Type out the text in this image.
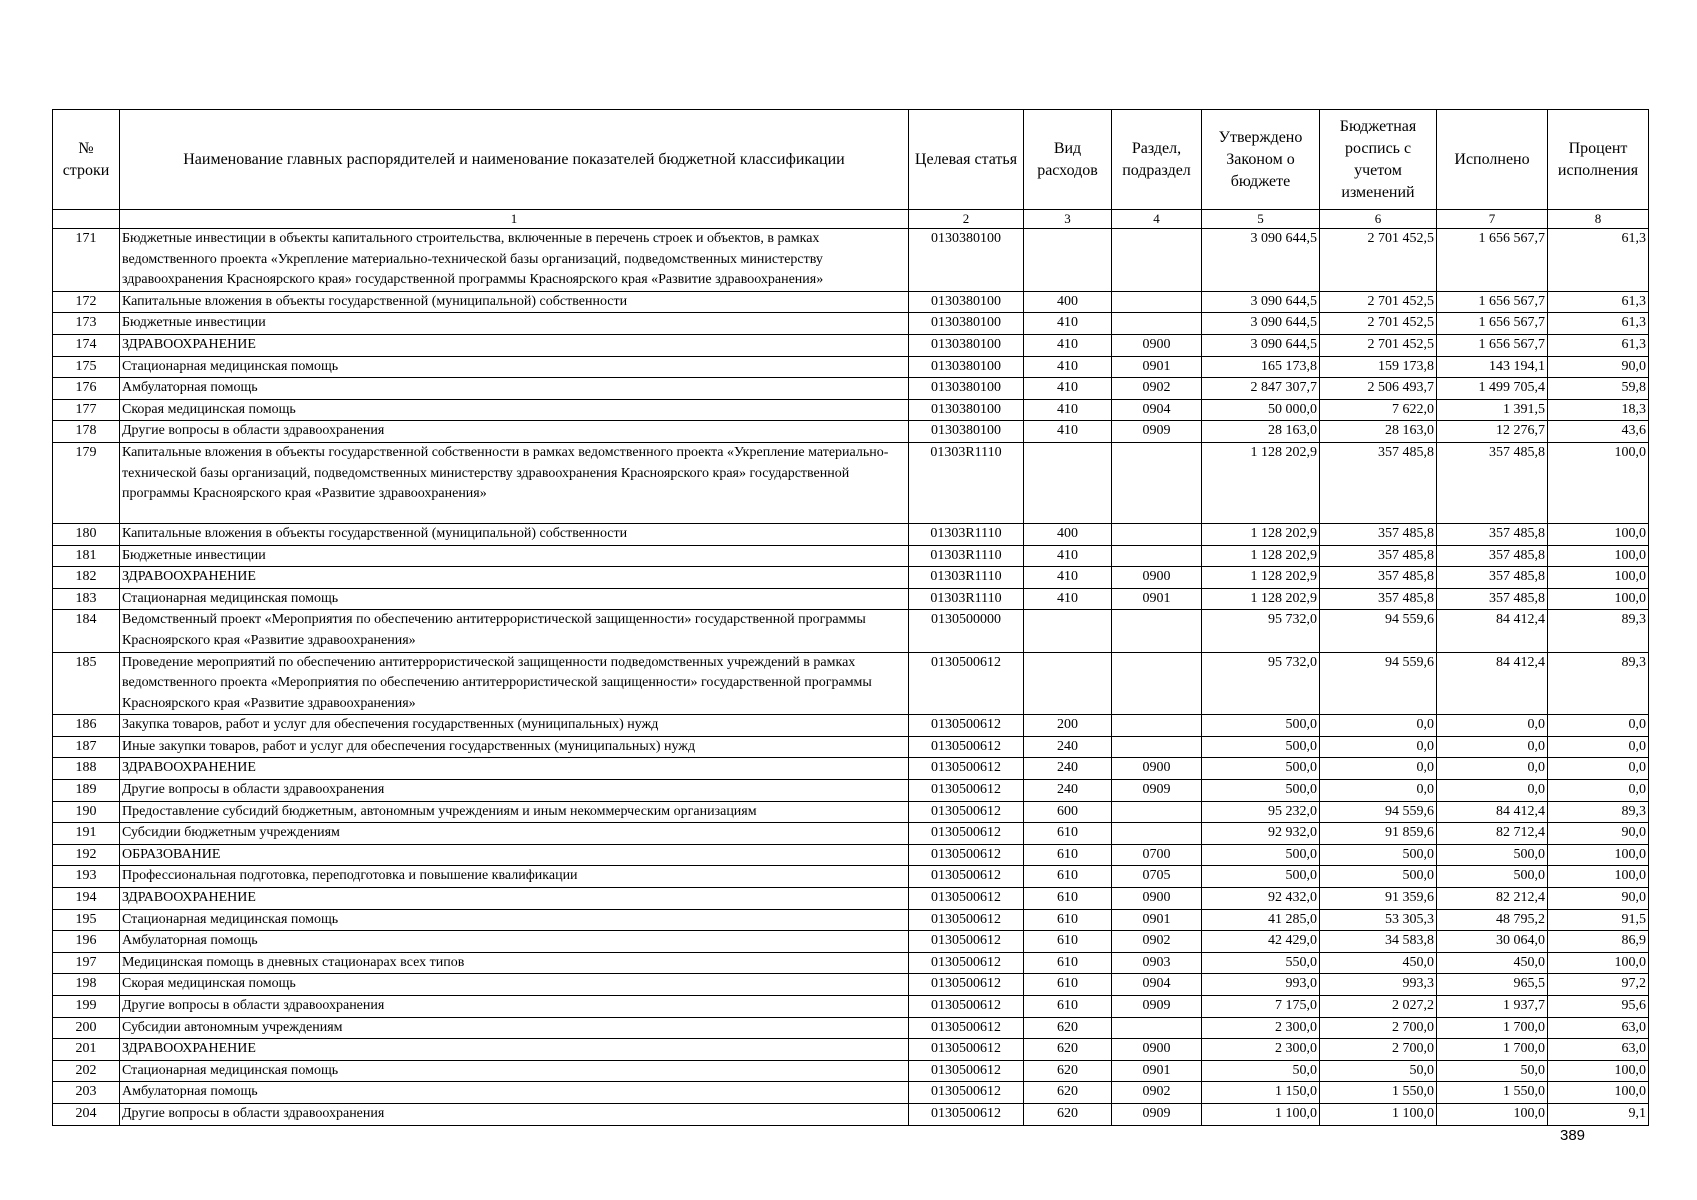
№ строки	Наименование главных распорядителей и наименование показателей бюджетной классификации	Целевая статья	Вид расходов	Раздел, подраздел	Утверждено Законом о бюджете	Бюджетная роспись с учетом изменений	Исполнено	Процент исполнения
	1	2	3	4	5	6	7	8
171	Бюджетные инвестиции в объекты капитального строительства, включенные в перечень строек и объектов, в рамках ведомственного проекта «Укрепление материально-технической базы организаций, подведомственных министерству здравоохранения Красноярского края» государственной программы Красноярского края «Развитие здравоохранения»	0130380100			3 090 644,5	2 701 452,5	1 656 567,7	61,3
172	Капитальные вложения в объекты государственной (муниципальной) собственности	0130380100	400		3 090 644,5	2 701 452,5	1 656 567,7	61,3
173	Бюджетные инвестиции	0130380100	410		3 090 644,5	2 701 452,5	1 656 567,7	61,3
174	ЗДРАВООХРАНЕНИЕ	0130380100	410	0900	3 090 644,5	2 701 452,5	1 656 567,7	61,3
175	Стационарная медицинская помощь	0130380100	410	0901	165 173,8	159 173,8	143 194,1	90,0
176	Амбулаторная помощь	0130380100	410	0902	2 847 307,7	2 506 493,7	1 499 705,4	59,8
177	Скорая медицинская помощь	0130380100	410	0904	50 000,0	7 622,0	1 391,5	18,3
178	Другие вопросы в области здравоохранения	0130380100	410	0909	28 163,0	28 163,0	12 276,7	43,6
179	Капитальные вложения в объекты государственной собственности в рамках ведомственного проекта «Укрепление материально-технической базы организаций, подведомственных министерству здравоохранения Красноярского края» государственной программы Красноярского края «Развитие здравоохранения»	01303R1110			1 128 202,9	357 485,8	357 485,8	100,0
180	Капитальные вложения в объекты государственной (муниципальной) собственности	01303R1110	400		1 128 202,9	357 485,8	357 485,8	100,0
181	Бюджетные инвестиции	01303R1110	410		1 128 202,9	357 485,8	357 485,8	100,0
182	ЗДРАВООХРАНЕНИЕ	01303R1110	410	0900	1 128 202,9	357 485,8	357 485,8	100,0
183	Стационарная медицинская помощь	01303R1110	410	0901	1 128 202,9	357 485,8	357 485,8	100,0
184	Ведомственный проект «Мероприятия по обеспечению антитеррористической защищенности» государственной программы Красноярского края «Развитие здравоохранения»	0130500000			95 732,0	94 559,6	84 412,4	89,3
185	Проведение мероприятий по обеспечению антитеррористической защищенности подведомственных учреждений в рамках ведомственного проекта «Мероприятия по обеспечению антитеррористической защищенности» государственной программы Красноярского края «Развитие здравоохранения»	0130500612			95 732,0	94 559,6	84 412,4	89,3
186	Закупка товаров, работ и услуг для обеспечения государственных (муниципальных) нужд	0130500612	200		500,0	0,0	0,0	0,0
187	Иные закупки товаров, работ и услуг для обеспечения государственных (муниципальных) нужд	0130500612	240		500,0	0,0	0,0	0,0
188	ЗДРАВООХРАНЕНИЕ	0130500612	240	0900	500,0	0,0	0,0	0,0
189	Другие вопросы в области здравоохранения	0130500612	240	0909	500,0	0,0	0,0	0,0
190	Предоставление субсидий бюджетным, автономным учреждениям и иным некоммерческим организациям	0130500612	600		95 232,0	94 559,6	84 412,4	89,3
191	Субсидии бюджетным учреждениям	0130500612	610		92 932,0	91 859,6	82 712,4	90,0
192	ОБРАЗОВАНИЕ	0130500612	610	0700	500,0	500,0	500,0	100,0
193	Профессиональная подготовка, переподготовка и повышение квалификации	0130500612	610	0705	500,0	500,0	500,0	100,0
194	ЗДРАВООХРАНЕНИЕ	0130500612	610	0900	92 432,0	91 359,6	82 212,4	90,0
195	Стационарная медицинская помощь	0130500612	610	0901	41 285,0	53 305,3	48 795,2	91,5
196	Амбулаторная помощь	0130500612	610	0902	42 429,0	34 583,8	30 064,0	86,9
197	Медицинская помощь в дневных стационарах всех типов	0130500612	610	0903	550,0	450,0	450,0	100,0
198	Скорая медицинская помощь	0130500612	610	0904	993,0	993,3	965,5	97,2
199	Другие вопросы в области здравоохранения	0130500612	610	0909	7 175,0	2 027,2	1 937,7	95,6
200	Субсидии автономным учреждениям	0130500612	620		2 300,0	2 700,0	1 700,0	63,0
201	ЗДРАВООХРАНЕНИЕ	0130500612	620	0900	2 300,0	2 700,0	1 700,0	63,0
202	Стационарная медицинская помощь	0130500612	620	0901	50,0	50,0	50,0	100,0
203	Амбулаторная помощь	0130500612	620	0902	1 150,0	1 550,0	1 550,0	100,0
204	Другие вопросы в области здравоохранения	0130500612	620	0909	1 100,0	1 100,0	100,0	9,1
389
